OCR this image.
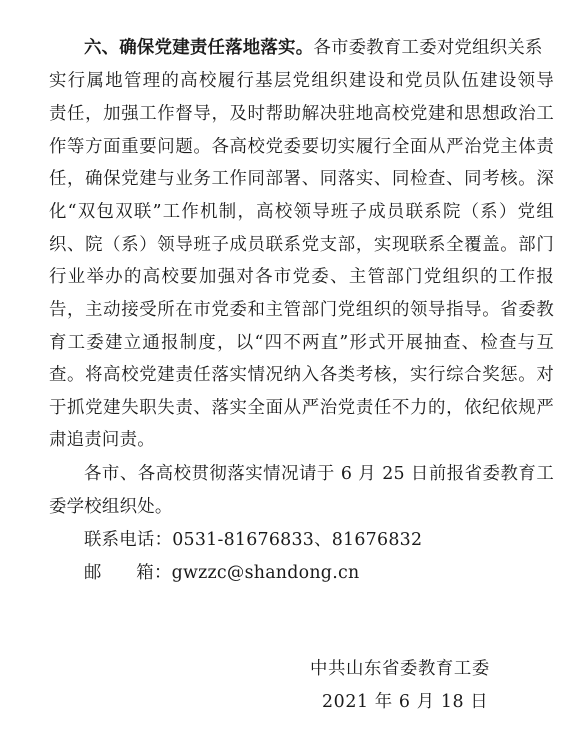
六、确保党建责任落地落实。各市委教育工委对党组织关系
实行属地管理的高校履行基层党组织建设和党员队伍建设领导
责任，加强工作督导，及时帮助解决驻地高校党建和思想政治工
作等方面重要问题。各高校党委要切实履行全面从严治党主体责
任，确保党建与业务工作同部署、同落实、同检查、同考核。深
化“双包双联”工作机制，高校领导班子成员联系院（系）党组
织、院（系）领导班子成员联系党支部，实现联系全覆盖。部门
行业举办的高校要加强对各市党委、主管部门党组织的工作报
告，主动接受所在市党委和主管部门党组织的领导指导。省委教
育工委建立通报制度，以“四不两直”形式开展抽查、检查与互
查。将高校党建责任落实情况纳入各类考核，实行综合奖惩。对
于抓党建失职失责、落实全面从严治党责任不力的，依纪依规严
肃追责问责。
各市、各高校贯彻落实情况请于 6 月 25 日前报省委教育工
委学校组织处。
联系电话：0531-81676833、81676832
邮      箱：gwzzc@shandong.cn
中共山东省委教育工委
2021 年 6 月 18 日
